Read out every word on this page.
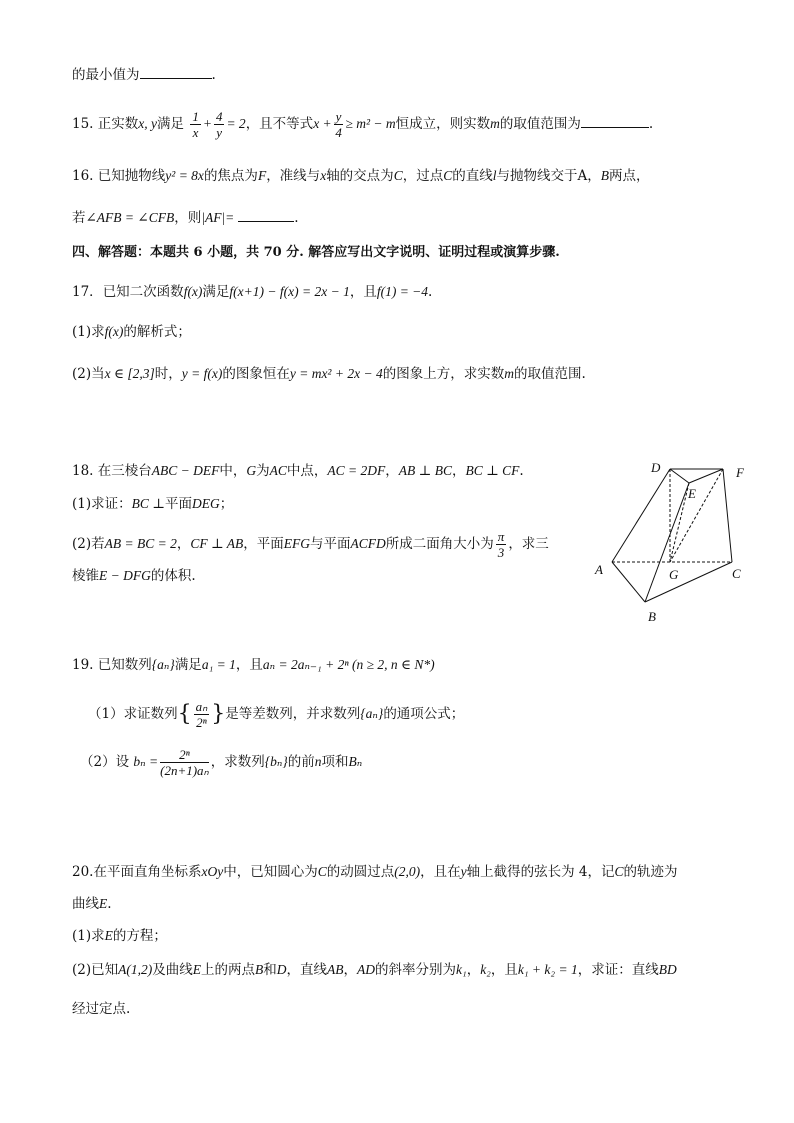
的最小值为	.
15. 正实数x, y满足 $\frac{1}{x} + \frac{4}{y} = 2$，且不等式$x + \frac{y}{4} \ge m^2 - m$恒成立，则实数m的取值范围为	.
16. 已知抛物线y² = 8x的焦点为F，准线与x轴的交点为C，过点C的直线l与抛物线交于A，B两点，
若∠AFB = ∠CFB，则|AF|=	.
四、解答题：本题共 6 小题，共 70 分. 解答应写出文字说明、证明过程或演算步骤.
17．已知二次函数f(x)满足f(x+1) − f(x) = 2x − 1，且f(1) = −4.
(1)求f(x)的解析式；
(2)当x ∈ [2,3]时，y = f(x)的图象恒在y = mx² + 2x − 4的图象上方，求实数m的取值范围.
18. 在三棱台ABC − DEF中，G为AC中点，AC = 2DF，AB ⊥ BC，BC ⊥ CF.
(1)求证：BC ⊥平面DEG；
(2)若AB = BC = 2，CF ⊥ AB，平面EFG与平面ACFD所成二面角大小为 $\frac{\pi}{3}$ ，求三
棱锥E − DFG的体积.
D
E
F
A	G	C
B
19. 已知数列{aₙ}满足a₁ = 1，且aₙ = 2aₙ₋₁ + 2ⁿ (n ≥ 2, n ∈ N*)
（1）求证数列{ $\frac{\text{aₙ}}{\text{2ⁿ}}$ }是等差数列，并求数列{aₙ}的通项公式；
（2）设 $b_n = \frac{\text{2ⁿ}}{\text{(2n+1)aₙ}}$ ，求数列{bₙ}的前n项和Bₙ
20.在平面直角坐标系xOy中，已知圆心为C的动圆过点(2,0)，且在y轴上截得的弦长为 4，记C的轨迹为
曲线E.
(1)求E的方程；
(2)已知A(1,2)及曲线E上的两点B和D，直线AB，AD的斜率分别为k₁，k₂，且k₁ + k₂ = 1，求证：直线BD
经过定点.
